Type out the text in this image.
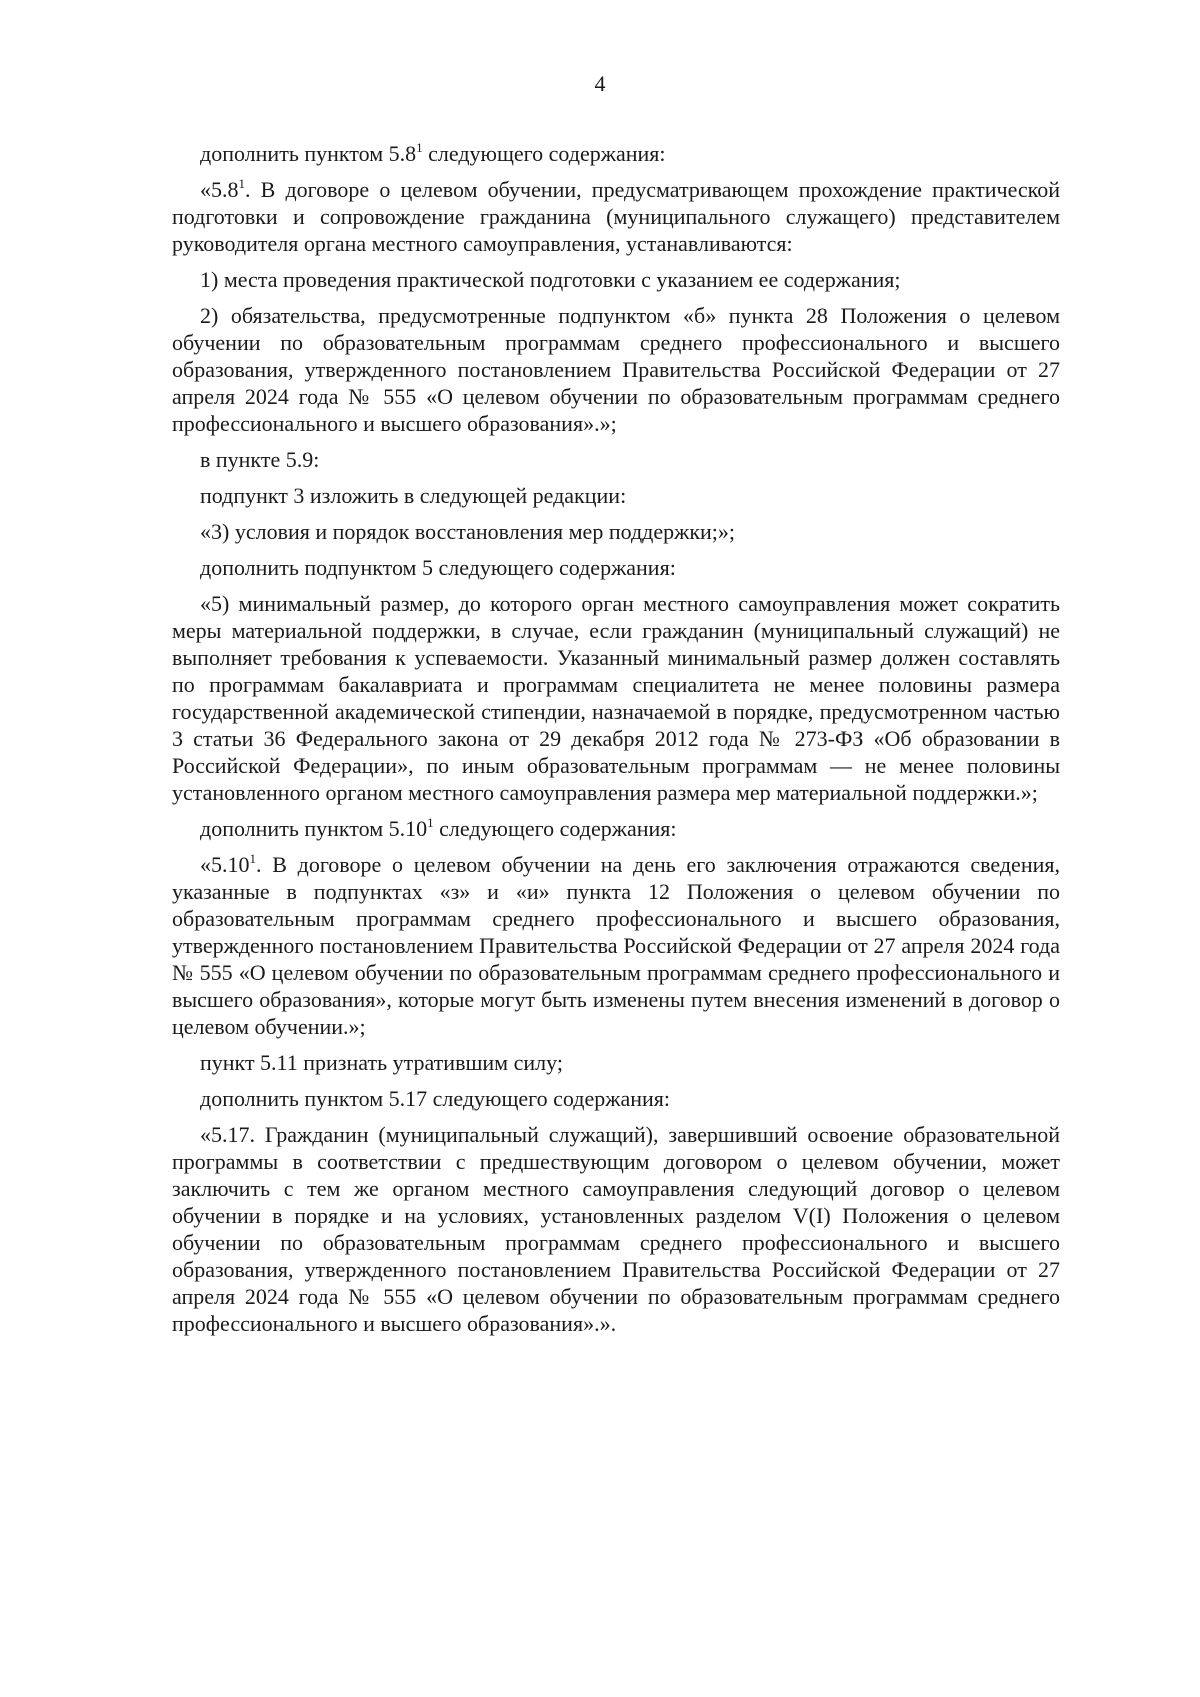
4

дополнить пунктом $5.8^1$ следующего содержания:

«$5.8^1$. В договоре о целевом обучении, предусматривающем прохождение практической подготовки и сопровождение гражданина (муниципального служащего) представителем руководителя органа местного самоуправления, устанавливаются:

1) места проведения практической подготовки с указанием ее содержания;

2) обязательства, предусмотренные подпунктом «б» пункта 28 Положения о целевом обучении по образовательным программам среднего профессионального и высшего образования, утвержденного постановлением Правительства Российской Федерации от 27 апреля 2024 года № 555 «О целевом обучении по образовательным программам среднего профессионального и высшего образования».»;

в пункте 5.9:

подпункт 3 изложить в следующей редакции:

«3) условия и порядок восстановления мер поддержки;»;

дополнить подпунктом 5 следующего содержания:

«5) минимальный размер, до которого орган местного самоуправления может сократить меры материальной поддержки, в случае, если гражданин (муниципальный служащий) не выполняет требования к успеваемости. Указанный минимальный размер должен составлять по программам бакалавриата и программам специалитета не менее половины размера государственной академической стипендии, назначаемой в порядке, предусмотренном частью 3 статьи 36 Федерального закона от 29 декабря 2012 года № 273-ФЗ «Об образовании в Российской Федерации», по иным образовательным программам — не менее половины установленного органом местного самоуправления размера мер материальной поддержки.»;

дополнить пунктом 5.10$^1$ следующего содержания:

«5.10$^1$. В договоре о целевом обучении на день его заключения отражаются сведения, указанные в подпунктах «з» и «и» пункта 12 Положения о целевом обучении по образовательным программам среднего профессионального и высшего образования, утвержденного постановлением Правительства Российской Федерации от 27 апреля 2024 года № 555 «О целевом обучении по образовательным программам среднего профессионального и высшего образования», которые могут быть изменены путем внесения изменений в договор о целевом обучении.»;

пункт 5.11 признать утратившим силу;

дополнить пунктом 5.17 следующего содержания:

«5.17. Гражданин (муниципальный служащий), завершивший освоение образовательной программы в соответствии с предшествующим договором о целевом обучении, может заключить с тем же органом местного самоуправления следующий договор о целевом обучении в порядке и на условиях, установленных разделом V(I) Положения о целевом обучении по образовательным программам среднего профессионального и высшего образования, утвержденного постановлением Правительства Российской Федерации от 27 апреля 2024 года № 555 «О целевом обучении по образовательным программам среднего профессионального и высшего образования».».
